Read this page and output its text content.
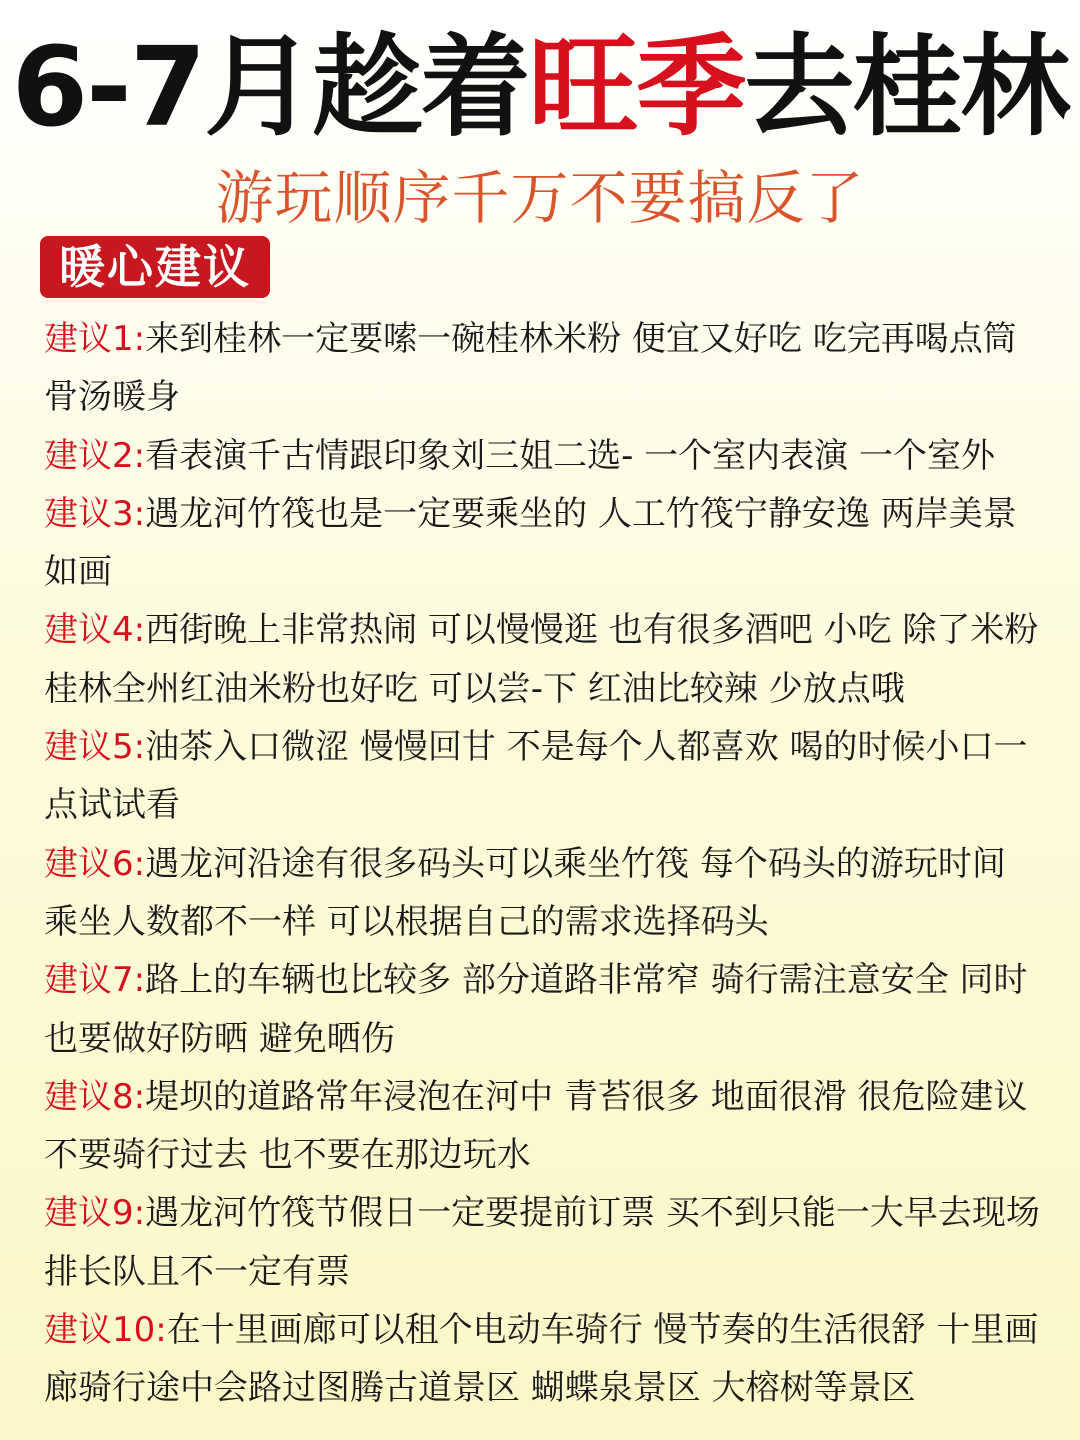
6-7月趁着旺季去桂林
游玩顺序千万不要搞反了
暖心建议

建议1:来到桂林一定要嗦一碗桂林米粉 便宜又好吃 吃完再喝点筒骨汤暖身

建议2:看表演千古情跟印象刘三姐二选- 一个室内表演 一个室外

建议3:遇龙河竹筏也是一定要乘坐的 人工竹筏宁静安逸 两岸美景如画

建议4:西街晚上非常热闹 可以慢慢逛 也有很多酒吧 小吃 除了米粉 桂林全州红油米粉也好吃 可以尝-下 红油比较辣 少放点哦

建议5:油茶入口微涩 慢慢回甘 不是每个人都喜欢 喝的时候小口一点试试看

建议6:遇龙河沿途有很多码头可以乘坐竹筏 每个码头的游玩时间 乘坐人数都不一样 可以根据自己的需求选择码头

建议7:路上的车辆也比较多 部分道路非常窄 骑行需注意安全 同时也要做好防晒 避免晒伤

建议8:堤坝的道路常年浸泡在河中 青苔很多 地面很滑 很危险建议不要骑行过去 也不要在那边玩水

建议9:遇龙河竹筏节假日一定要提前订票 买不到只能一大早去现场排长队且不一定有票

建议10:在十里画廊可以租个电动车骑行 慢节奏的生活很舒 十里画廊骑行途中会路过图腾古道景区 蝴蝶泉景区 大榕树等景区
